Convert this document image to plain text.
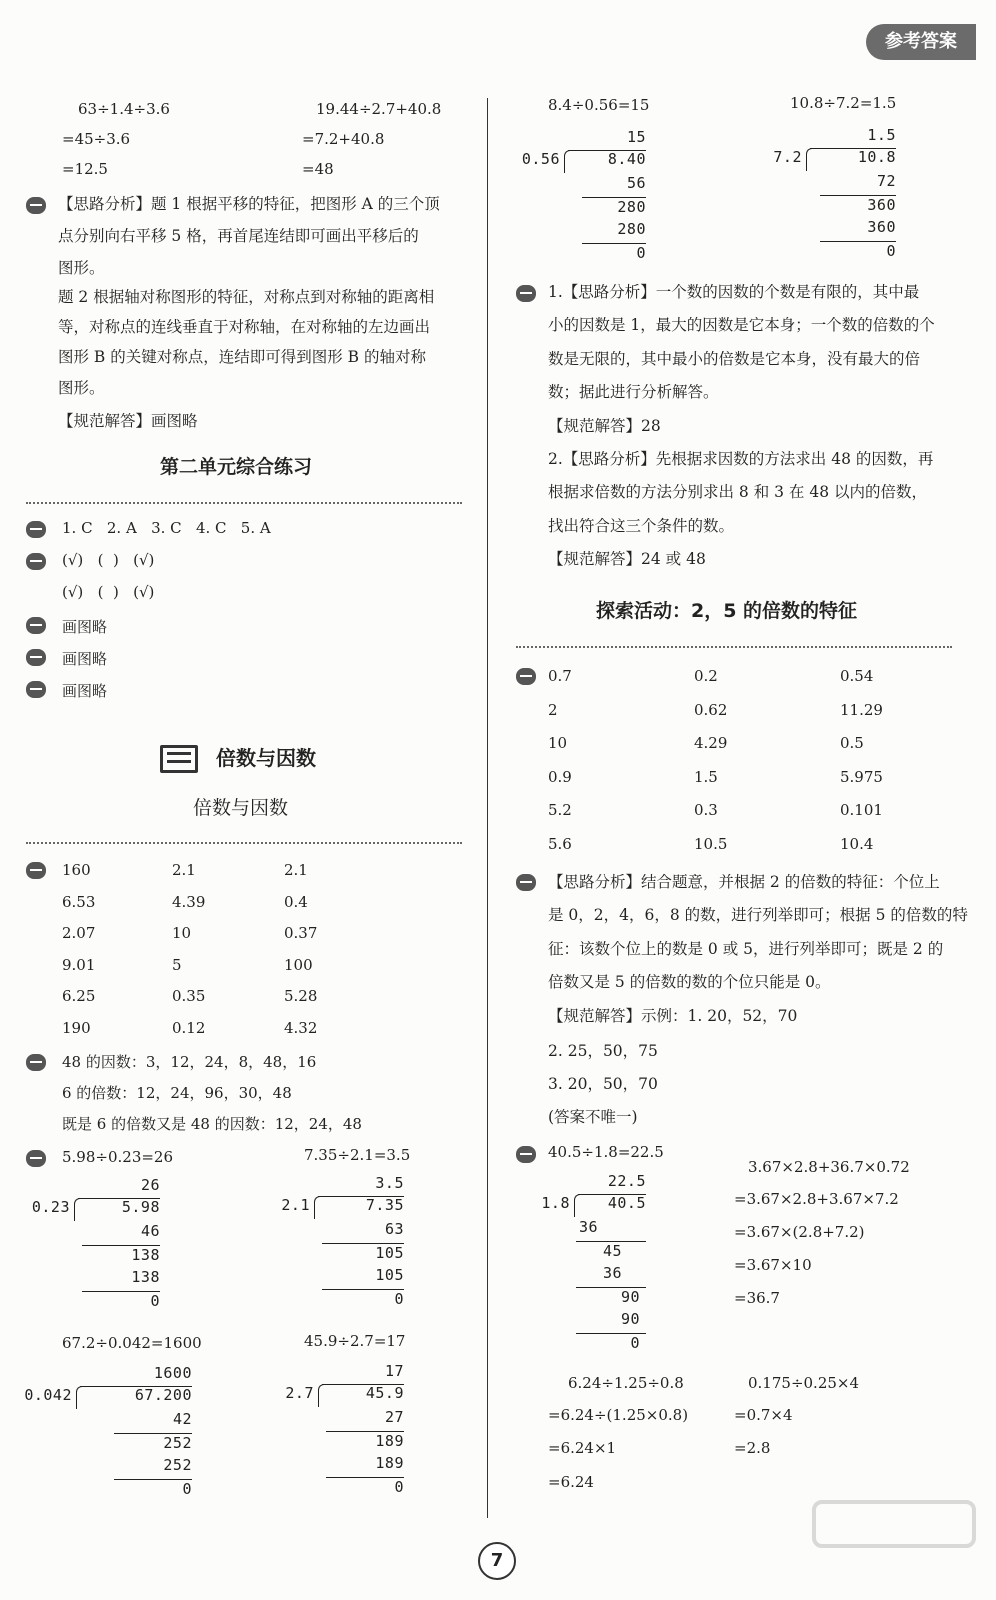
参考答案
63÷1.4÷3.6
=45÷3.6
=12.5
19.44÷2.7+40.8
=7.2+40.8
=48
【思路分析】题 1 根据平移的特征，把图形 A 的三个顶
点分别向右平移 5 格，再首尾连结即可画出平移后的
图形。
题 2 根据轴对称图形的特征，对称点到对称轴的距离相
等，对称点的连线垂直于对称轴，在对称轴的左边画出
图形 B 的关键对称点，连结即可得到图形 B 的轴对称
图形。
【规范解答】画图略
第二单元综合练习
1. C   2. A   3. C   4. C   5. A
(√)   (  )   (√)
(√)   (  )   (√)
画图略
画图略
画图略
倍数与因数
倍数与因数
160	2.1	2.1
6.53	4.39	0.4
2.07	10	0.37
9.01	5	100
6.25	0.35	5.28
190	0.12	4.32
48 的因数：3，12，24，8，48，16
6 的倍数：12，24，96，30，48
既是 6 的倍数又是 48 的因数：12，24，48
5.98÷0.23=26	7.35÷2.1=3.5
67.2÷0.042=1600	45.9÷2.7=17
26
0.23	5.98
46
138
138
0
3.5
2.1	7.35
63
105
105
0
1600
0.042	67.200
42
252
252
0
17
2.7	45.9
27
189
189
0
8.4÷0.56=15	10.8÷7.2=1.5
15
0.56	8.40
56
280
280
0
1.5
7.2	10.8
72
360
360
0
1.【思路分析】一个数的因数的个数是有限的，其中最
小的因数是 1，最大的因数是它本身；一个数的倍数的个
数是无限的，其中最小的倍数是它本身，没有最大的倍
数；据此进行分析解答。
【规范解答】28
2.【思路分析】先根据求因数的方法求出 48 的因数，再
根据求倍数的方法分别求出 8 和 3 在 48 以内的倍数，
找出符合这三个条件的数。
【规范解答】24 或 48
探索活动：2，5 的倍数的特征
0.7	0.2	0.54
2	0.62	11.29
10	4.29	0.5
0.9	1.5	5.975
5.2	0.3	0.101
5.6	10.5	10.4
【思路分析】结合题意，并根据 2 的倍数的特征：个位上
是 0，2，4，6，8 的数，进行列举即可；根据 5 的倍数的特
征：该数个位上的数是 0 或 5，进行列举即可；既是 2 的
倍数又是 5 的倍数的数的个位只能是 0。
【规范解答】示例：1. 20，52，70
2. 25，50，75
3. 20，50，70
(答案不唯一)
40.5÷1.8=22.5
22.5
1.8	40.5
36
45
36
90
90
0
3.67×2.8+36.7×0.72
=3.67×2.8+3.67×7.2
=3.67×(2.8+7.2)
=3.67×10
=36.7
6.24÷1.25÷0.8
=6.24÷(1.25×0.8)
=6.24×1
=6.24
0.175÷0.25×4
=0.7×4
=2.8
7
